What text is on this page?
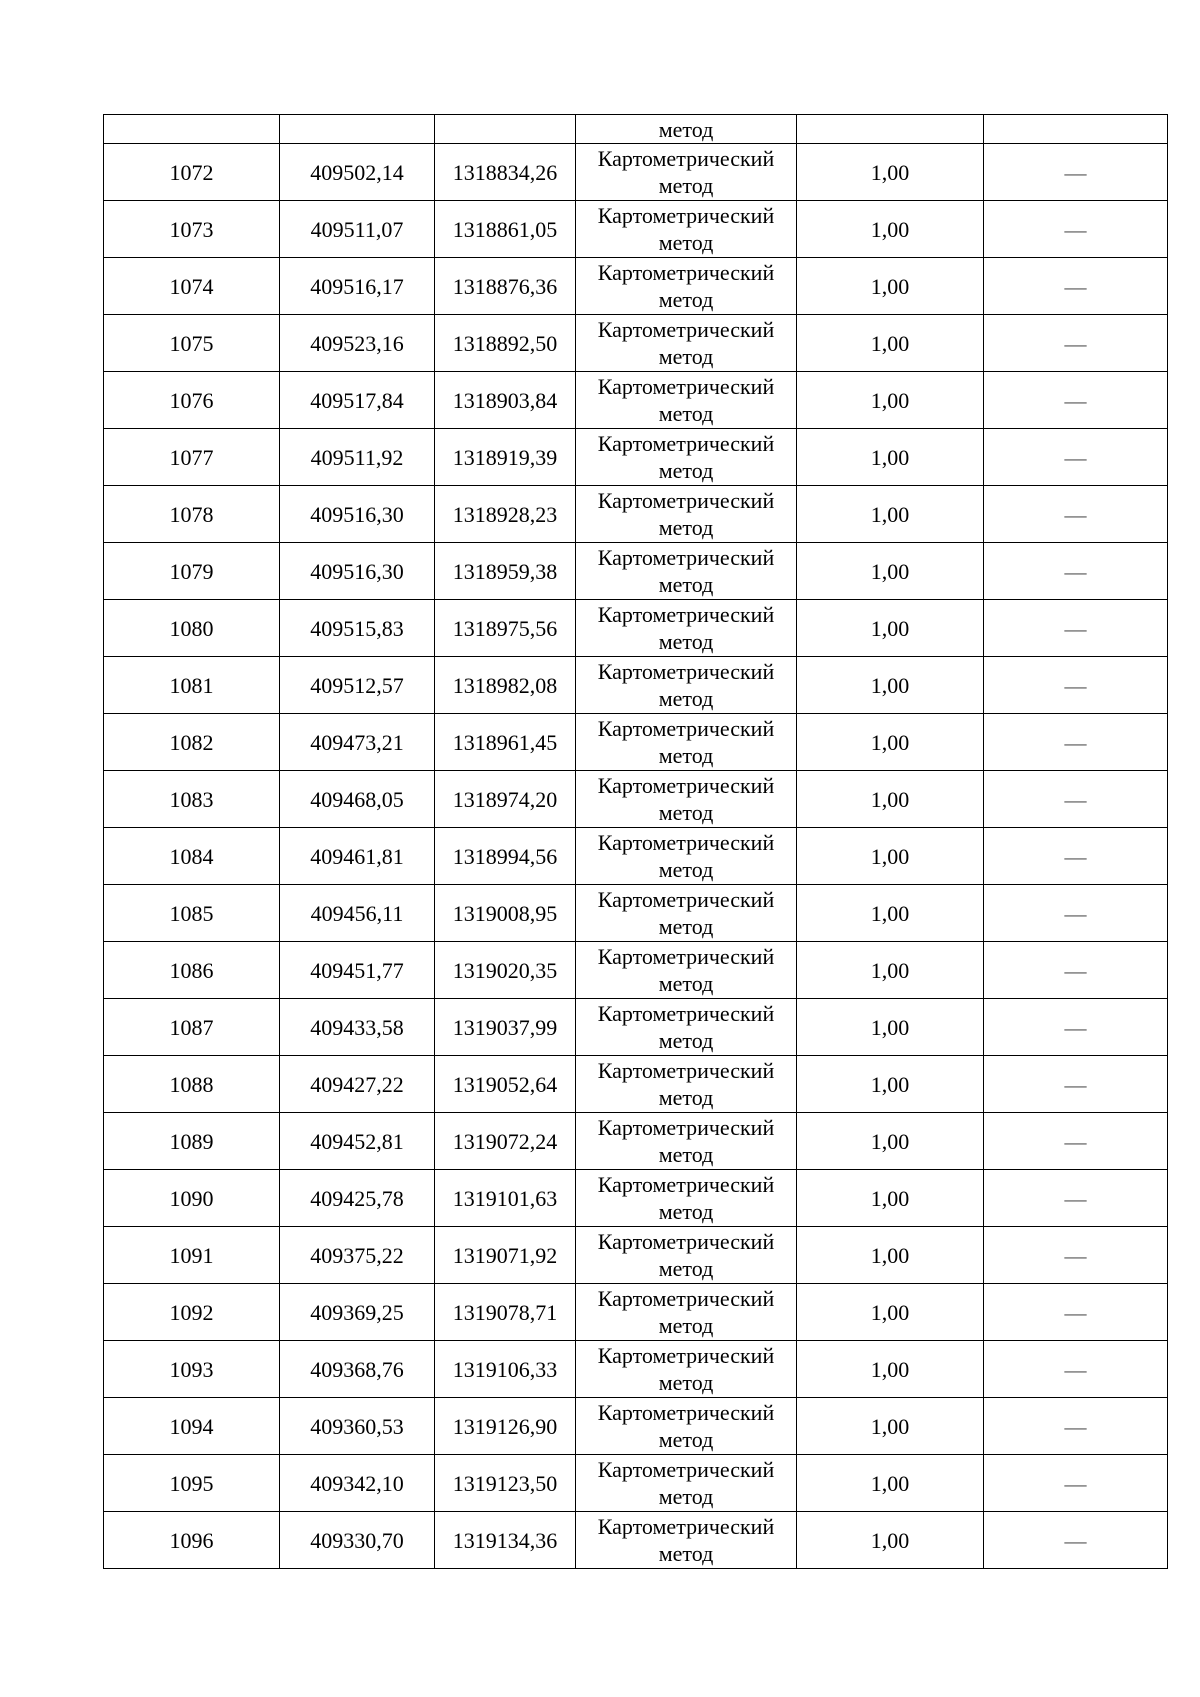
			метод		
1072	409502,14	1318834,26	Картометрический
метод	1,00	—
1073	409511,07	1318861,05	Картометрический
метод	1,00	—
1074	409516,17	1318876,36	Картометрический
метод	1,00	—
1075	409523,16	1318892,50	Картометрический
метод	1,00	—
1076	409517,84	1318903,84	Картометрический
метод	1,00	—
1077	409511,92	1318919,39	Картометрический
метод	1,00	—
1078	409516,30	1318928,23	Картометрический
метод	1,00	—
1079	409516,30	1318959,38	Картометрический
метод	1,00	—
1080	409515,83	1318975,56	Картометрический
метод	1,00	—
1081	409512,57	1318982,08	Картометрический
метод	1,00	—
1082	409473,21	1318961,45	Картометрический
метод	1,00	—
1083	409468,05	1318974,20	Картометрический
метод	1,00	—
1084	409461,81	1318994,56	Картометрический
метод	1,00	—
1085	409456,11	1319008,95	Картометрический
метод	1,00	—
1086	409451,77	1319020,35	Картометрический
метод	1,00	—
1087	409433,58	1319037,99	Картометрический
метод	1,00	—
1088	409427,22	1319052,64	Картометрический
метод	1,00	—
1089	409452,81	1319072,24	Картометрический
метод	1,00	—
1090	409425,78	1319101,63	Картометрический
метод	1,00	—
1091	409375,22	1319071,92	Картометрический
метод	1,00	—
1092	409369,25	1319078,71	Картометрический
метод	1,00	—
1093	409368,76	1319106,33	Картометрический
метод	1,00	—
1094	409360,53	1319126,90	Картометрический
метод	1,00	—
1095	409342,10	1319123,50	Картометрический
метод	1,00	—
1096	409330,70	1319134,36	Картометрический
метод	1,00	—
